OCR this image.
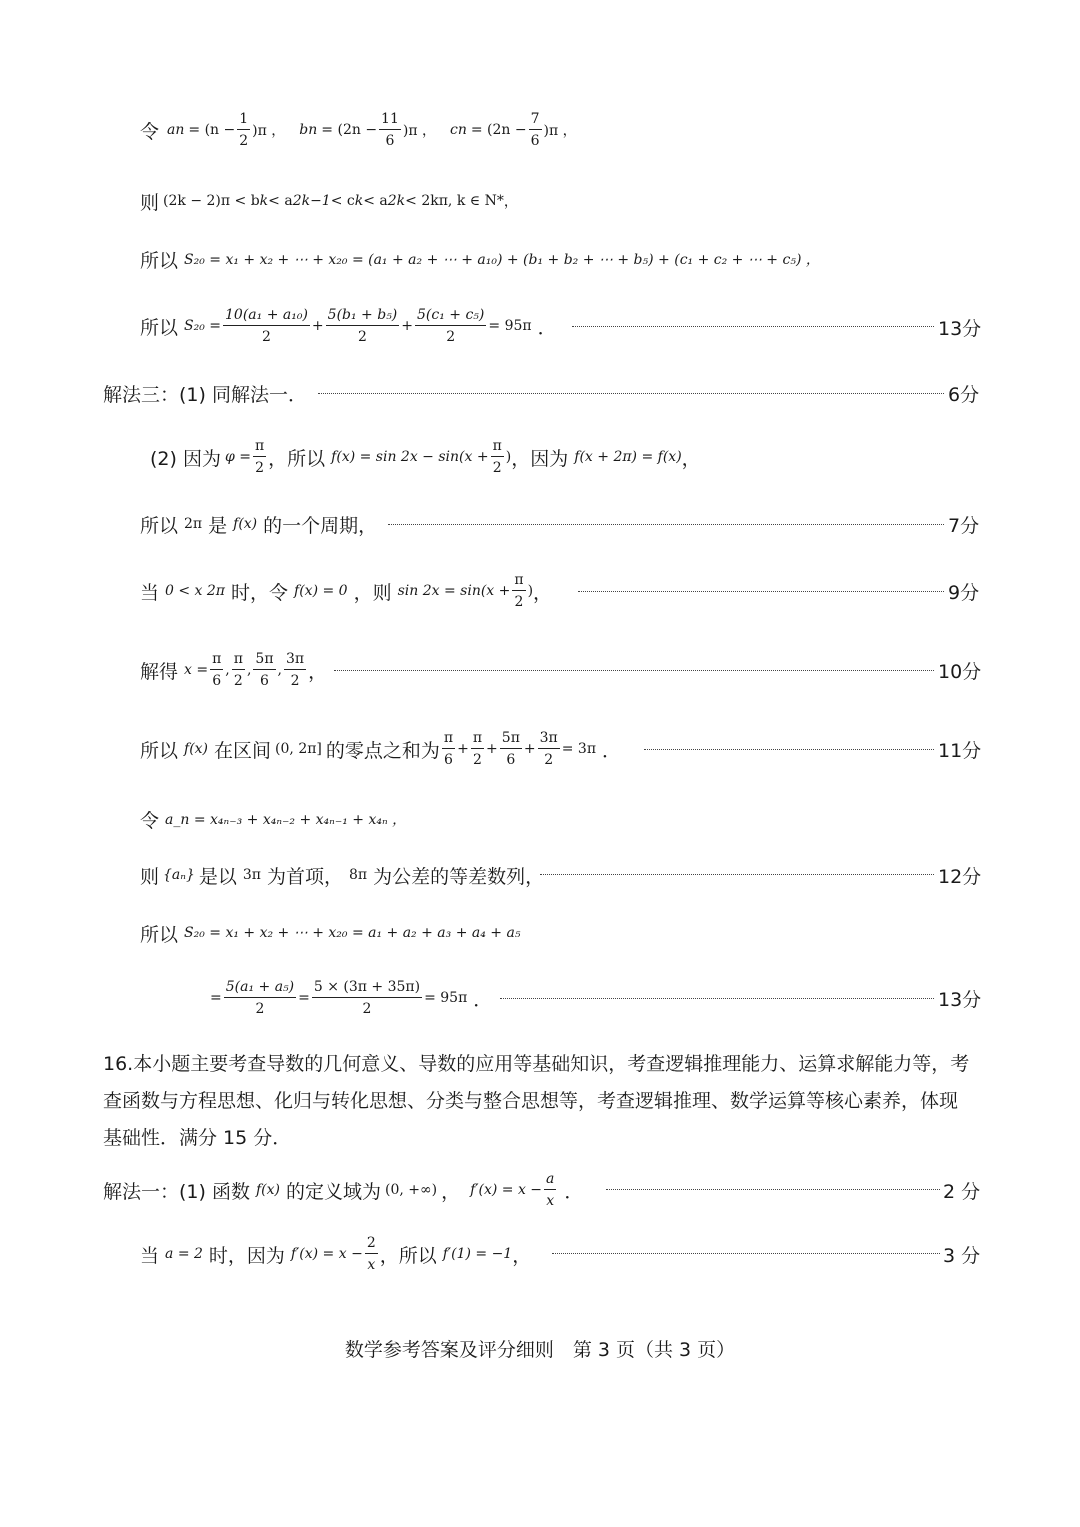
令 a $n = (n - \frac{1}{2} )\pi$ ， b $n = (2n - \frac{11}{6} )\pi$ ， c $n = (2n - \frac{7}{6} )\pi$ ，
则 (2k − 2)π < b k < a 2k−1 < c k < a 2k < 2kπ, k ∈ N * ，
所以 S₂₀ = x₁ + x₂ + ⋯ + x₂₀ = (a₁ + a₂ + ⋯ + a₁₀) + (b₁ + b₂ + ⋯ + b₅) + (c₁ + c₂ + ⋯ + c₅) ，
所以 $S_{20} = \frac{\text{10(a₁ + a₁₀)}}{2} + \frac{\text{5(b₁ + b₅)}}{2} + \frac{\text{5(c₁ + c₅)}}{2} = 95\pi$ ．	13分
解法三：(1) 同解法一．	6分
(2) 因为 $\varphi = \frac{\pi}{2}$ ，所以 $f(x) = \sin 2x - \sin(x + \frac{\pi}{2}$ ) ，因为 f(x + 2π) = f(x) ，
所以 2π 是 f(x) 的一个周期，	7分
当 0 < x 2π 时，令 f(x) = 0 ，则 $\sin 2x = \sin(x + \frac{\pi}{2}$ ) ，	9分
解得 $x = \frac{\pi}{6}$ , $\frac{\pi}{2}$ , $\frac{5\pi}{6}$ , $\frac{3\pi}{2}$ ，	10分
所以 f(x) 在区间 (0, 2π] 的零点之和为 $\frac{\pi}{6} + \frac{\pi}{2} + \frac{5\pi}{6} + \frac{3\pi}{2} = 3\pi$ ．	11分
令 a_n = x₄ₙ₋₃ + x₄ₙ₋₂ + x₄ₙ₋₁ + x₄ₙ ，
则 {aₙ} 是以 3π 为首项， 8π 为公差的等差数列，	12分
所以 S₂₀ = x₁ + x₂ + ⋯ + x₂₀ = a₁ + a₂ + a₃ + a₄ + a₅
= $\frac{\text{5(a₁ + a₅)}}{2} = \frac{5 \times (3\pi + 35\pi)}{2} = 95\pi$ ．	13分
16.本小题主要考查导数的几何意义、导数的应用等基础知识，考查逻辑推理能力、运算求解能力等，考查函数与方程思想、化归与转化思想、分类与整合思想等，考查逻辑推理、数学运算等核心素养，体现基础性．满分 15 分．
解法一：(1) 函数 f(x) 的定义域为 (0, +∞) ， $f'(x) = x - \frac{a}{x}$ ．	2 分
当 a = 2 时，因为 $f'(x) = x - \frac{2}{x}$ ，所以 f′(1) = −1 ，	3 分
数学参考答案及评分细则　第 3 页（共 3 页）
